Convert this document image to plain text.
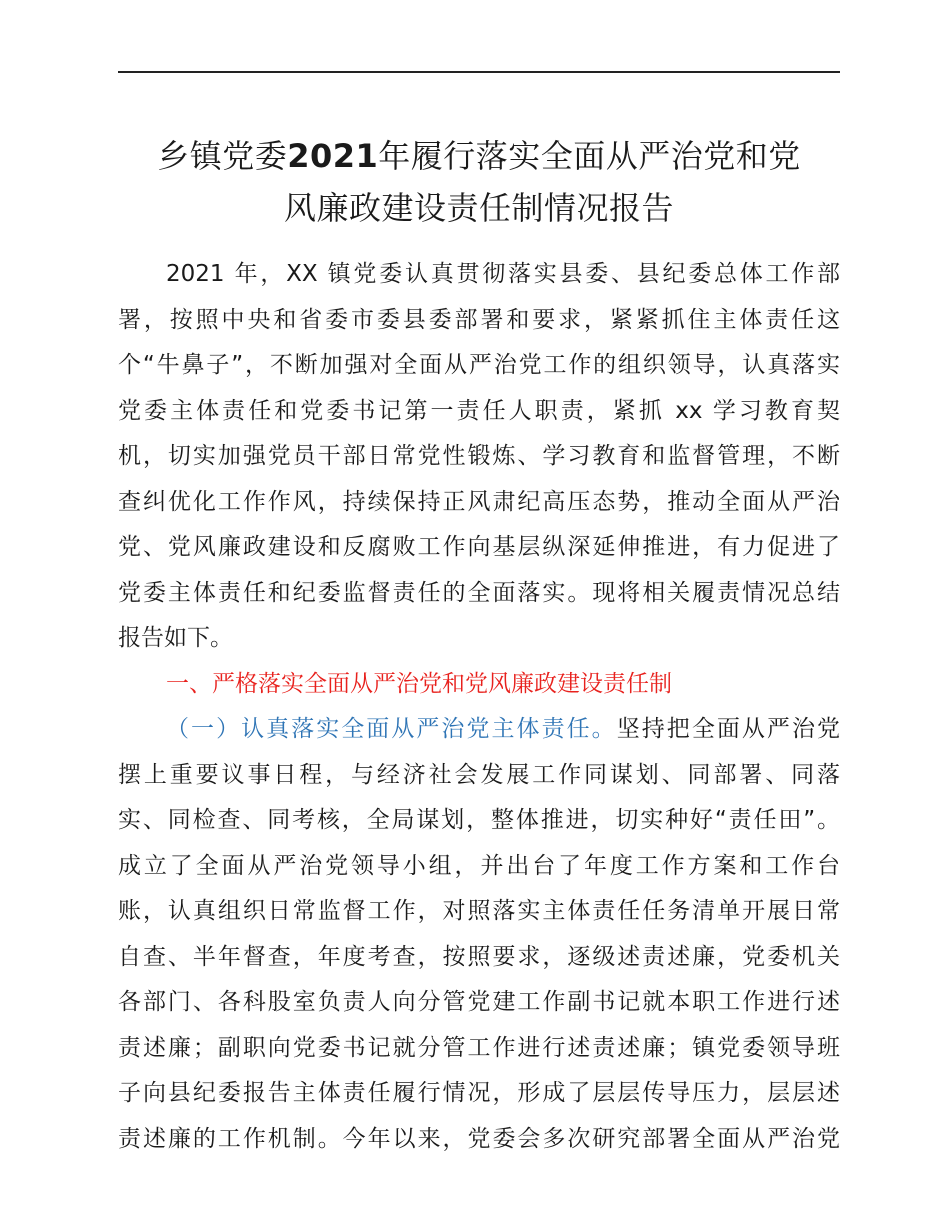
乡镇党委2021年履行落实全面从严治党和党
风廉政建设责任制情况报告
2021 年，XX 镇党委认真贯彻落实县委、县纪委总体工作部
署，按照中央和省委市委县委部署和要求，紧紧抓住主体责任这
个“牛鼻子”，不断加强对全面从严治党工作的组织领导，认真落实
党委主体责任和党委书记第一责任人职责，紧抓 xx 学习教育契
机，切实加强党员干部日常党性锻炼、学习教育和监督管理，不断
查纠优化工作作风，持续保持正风肃纪高压态势，推动全面从严治
党、党风廉政建设和反腐败工作向基层纵深延伸推进，有力促进了
党委主体责任和纪委监督责任的全面落实。现将相关履责情况总结
报告如下。
一、严格落实全面从严治党和党风廉政建设责任制
（一）认真落实全面从严治党主体责任。坚持把全面从严治党
摆上重要议事日程，与经济社会发展工作同谋划、同部署、同落
实、同检查、同考核，全局谋划，整体推进，切实种好“责任田”。
成立了全面从严治党领导小组，并出台了年度工作方案和工作台
账，认真组织日常监督工作，对照落实主体责任任务清单开展日常
自查、半年督查，年度考查，按照要求，逐级述责述廉，党委机关
各部门、各科股室负责人向分管党建工作副书记就本职工作进行述
责述廉；副职向党委书记就分管工作进行述责述廉；镇党委领导班
子向县纪委报告主体责任履行情况，形成了层层传导压力，层层述
责述廉的工作机制。今年以来，党委会多次研究部署全面从严治党
